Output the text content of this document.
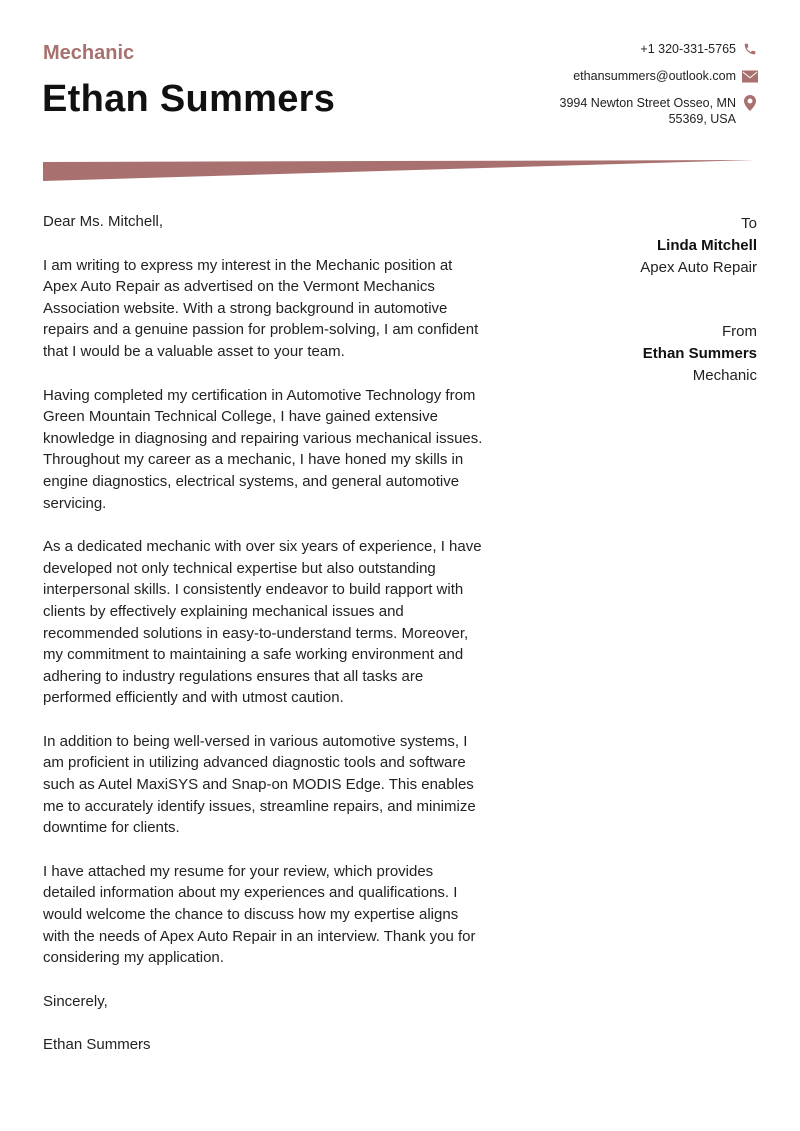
Mechanic
Ethan Summers
+1 320-331-5765
ethansummers@outlook.com
3994 Newton Street Osseo, MN 55369, USA
To
Linda Mitchell
Apex Auto Repair
From
Ethan Summers
Mechanic

Dear Ms. Mitchell,

I am writing to express my interest in the Mechanic position at Apex Auto Repair as advertised on the Vermont Mechanics Association website. With a strong background in automotive repairs and a genuine passion for problem-solving, I am confident that I would be a valuable asset to your team.

Having completed my certification in Automotive Technology from Green Mountain Technical College, I have gained extensive knowledge in diagnosing and repairing various mechanical issues. Throughout my career as a mechanic, I have honed my skills in engine diagnostics, electrical systems, and general automotive servicing.

As a dedicated mechanic with over six years of experience, I have developed not only technical expertise but also outstanding interpersonal skills. I consistently endeavor to build rapport with clients by effectively explaining mechanical issues and recommended solutions in easy-to-understand terms. Moreover, my commitment to maintaining a safe working environment and adhering to industry regulations ensures that all tasks are performed efficiently and with utmost caution.

In addition to being well-versed in various automotive systems, I am proficient in utilizing advanced diagnostic tools and software such as Autel MaxiSYS and Snap-on MODIS Edge. This enables me to accurately identify issues, streamline repairs, and minimize downtime for clients.

I have attached my resume for your review, which provides detailed information about my experiences and qualifications. I would welcome the chance to discuss how my expertise aligns with the needs of Apex Auto Repair in an interview. Thank you for considering my application.

Sincerely,

Ethan Summers
